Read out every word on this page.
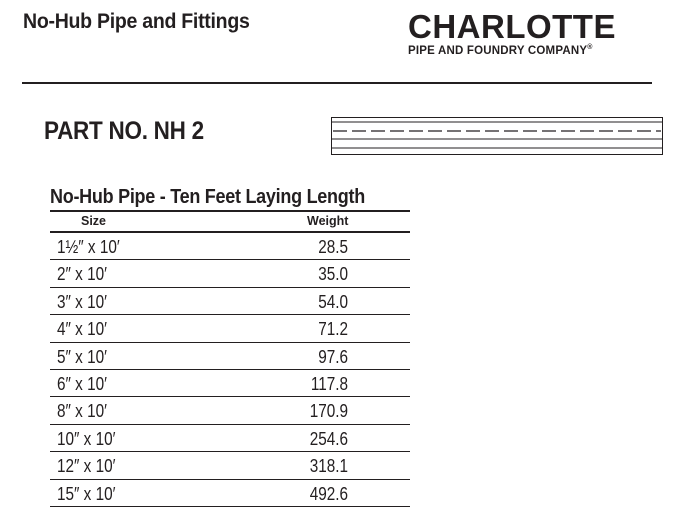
No-Hub Pipe and Fittings	CHARLOTTE
PIPE AND FOUNDRY COMPANY®
PART NO. NH 2
No-Hub Pipe - Ten Feet Laying Length
Size	Weight
1½″ x 10′	28.5
2″ x 10′	35.0
3″ x 10′	54.0
4″ x 10′	71.2
5″ x 10′	97.6
6″ x 10′	117.8
8″ x 10′	170.9
10″ x 10′	254.6
12″ x 10′	318.1
15″ x 10′	492.6
